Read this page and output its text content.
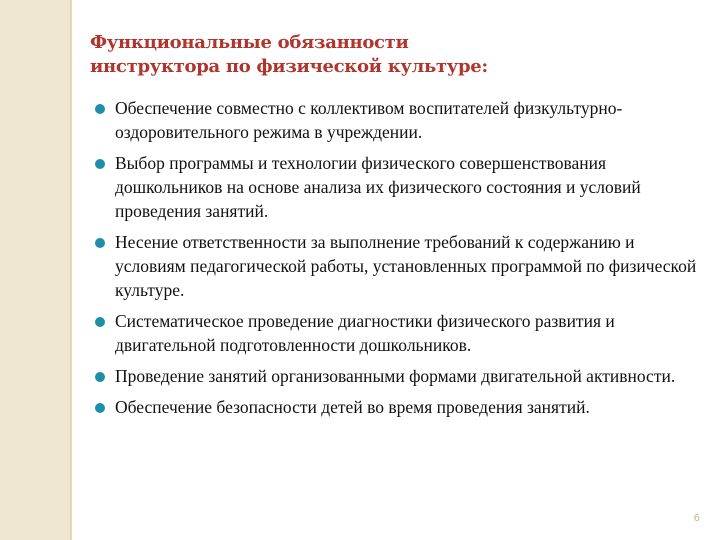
Функциональные обязанности
инструктора по физической культуре:
Обеспечение совместно с коллективом воспитателей физкультурно-оздоровительного режима в учреждении.
Выбор программы и технологии физического совершенствования дошкольников на основе анализа их физического состояния и условий проведения занятий.
Несение ответственности за выполнение требований к содержанию и условиям педагогической работы, установленных программой по физической культуре.
Систематическое проведение диагностики физического развития и двигательной подготовленности дошкольников.
Проведение занятий организованными формами двигательной активности.
Обеспечение безопасности детей во время проведения занятий.
6
